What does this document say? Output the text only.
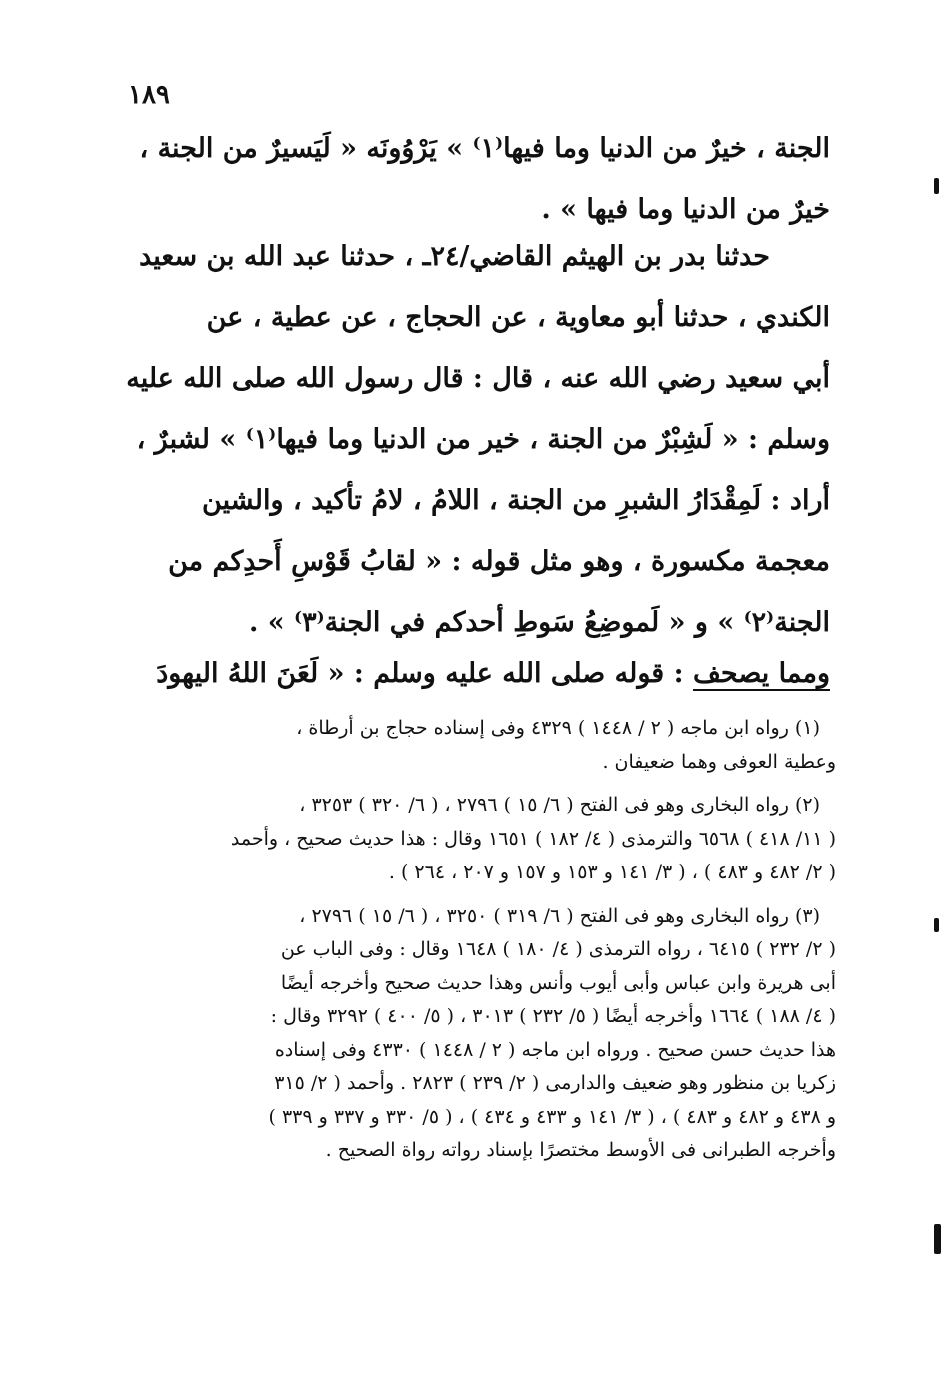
١٨٩
الجنة ، خيرٌ من الدنيا وما فيها⁽١⁾ » يَرْوُونَه « لَيَسيرٌ من الجنة ،
خيرٌ من الدنيا وما فيها » .
حدثنا بدر بن الهيثم القاضي/٢٤ـ ، حدثنا عبد الله بن سعيد
الكندي ، حدثنا أبو معاوية ، عن الحجاج ، عن عطية ، عن
أبي سعيد رضي الله عنه ، قال : قال رسول الله صلى الله عليه
وسلم : « لَشِبْرٌ من الجنة ، خير من الدنيا وما فيها⁽١⁾ » لشبرٌ ،
أراد : لَمِقْدَارُ الشبرِ من الجنة ، اللامُ ، لامُ تأكيد ، والشين
معجمة مكسورة ، وهو مثل قوله : « لقابُ قَوْسِ أَحدِكم من
الجنة⁽٢⁾ » و « لَموضِعُ سَوطِ أحدكم في الجنة⁽٣⁾ » .
ومما يصحف : قوله صلى الله عليه وسلم : « لَعَنَ اللهُ اليهودَ
(١) رواه ابن ماجه ( ٢ / ١٤٤٨ ) ٤٣٢٩ وفى إسناده حجاج بن أرطاة ،
وعطية العوفى وهما ضعيفان .
(٢) رواه البخارى وهو فى الفتح ( ٦/ ١٥ ) ٢٧٩٦ ، ( ٦/ ٣٢٠ ) ٣٢٥٣ ،
( ١١/ ٤١٨ ) ٦٥٦٨ والترمذى ( ٤/ ١٨٢ ) ١٦٥١ وقال : هذا حديث صحيح ، وأحمد
( ٢/ ٤٨٢ و ٤٨٣ ) ، ( ٣/ ١٤١ و ١٥٣ و ١٥٧ و ٢٠٧ ، ٢٦٤ ) .
(٣) رواه البخارى وهو فى الفتح ( ٦/ ٣١٩ ) ٣٢٥٠ ، ( ٦/ ١٥ ) ٢٧٩٦ ،
( ٢/ ٢٣٢ ) ٦٤١٥ ، رواه الترمذى ( ٤/ ١٨٠ ) ١٦٤٨ وقال : وفى الباب عن
أبى هريرة وابن عباس وأبى أيوب وأنس وهذا حديث صحيح وأخرجه أيضًا
( ٤/ ١٨٨ ) ١٦٦٤ وأخرجه أيضًا ( ٥/ ٢٣٢ ) ٣٠١٣ ، ( ٥/ ٤٠٠ ) ٣٢٩٢ وقال :
هذا حديث حسن صحيح . ورواه ابن ماجه ( ٢ / ١٤٤٨ ) ٤٣٣٠ وفى إسناده
زكريا بن منظور وهو ضعيف والدارمى ( ٢/ ٢٣٩ ) ٢٨٢٣ . وأحمد ( ٢/ ٣١٥
و ٤٣٨ و ٤٨٢ و ٤٨٣ ) ، ( ٣/ ١٤١ و ٤٣٣ و ٤٣٤ ) ، ( ٥/ ٣٣٠ و ٣٣٧ و ٣٣٩ )
وأخرجه الطبرانى فى الأوسط مختصرًا بإسناد رواته رواة الصحيح .
